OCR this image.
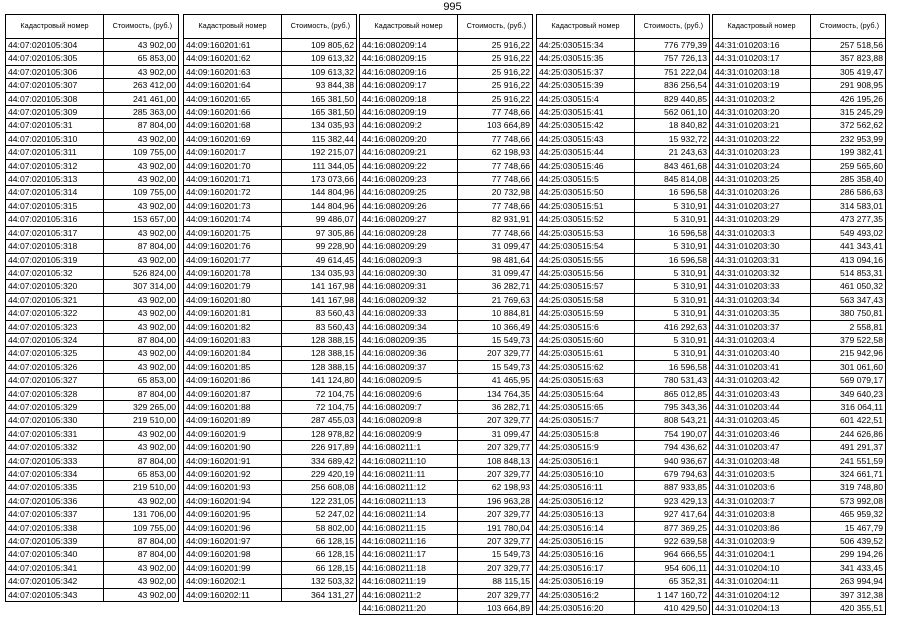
995
Кадастровый номер	Стоимость, (руб.)
44:07:020105:304	43 902,00
44:07:020105:305	65 853,00
44:07:020105:306	43 902,00
44:07:020105:307	263 412,00
44:07:020105:308	241 461,00
44:07:020105:309	285 363,00
44:07:020105:31	87 804,00
44:07:020105:310	43 902,00
44:07:020105:311	109 755,00
44:07:020105:312	43 902,00
44:07:020105:313	43 902,00
44:07:020105:314	109 755,00
44:07:020105:315	43 902,00
44:07:020105:316	153 657,00
44:07:020105:317	43 902,00
44:07:020105:318	87 804,00
44:07:020105:319	43 902,00
44:07:020105:32	526 824,00
44:07:020105:320	307 314,00
44:07:020105:321	43 902,00
44:07:020105:322	43 902,00
44:07:020105:323	43 902,00
44:07:020105:324	87 804,00
44:07:020105:325	43 902,00
44:07:020105:326	43 902,00
44:07:020105:327	65 853,00
44:07:020105:328	87 804,00
44:07:020105:329	329 265,00
44:07:020105:330	219 510,00
44:07:020105:331	43 902,00
44:07:020105:332	43 902,00
44:07:020105:333	87 804,00
44:07:020105:334	65 853,00
44:07:020105:335	219 510,00
44:07:020105:336	43 902,00
44:07:020105:337	131 706,00
44:07:020105:338	109 755,00
44:07:020105:339	87 804,00
44:07:020105:340	87 804,00
44:07:020105:341	43 902,00
44:07:020105:342	43 902,00
44:07:020105:343	43 902,00
Кадастровый номер	Стоимость, (руб.)
44:09:160201:61	109 805,62
44:09:160201:62	109 613,32
44:09:160201:63	109 613,32
44:09:160201:64	93 844,38
44:09:160201:65	165 381,50
44:09:160201:66	165 381,50
44:09:160201:68	134 035,93
44:09:160201:69	115 382,44
44:09:160201:7	192 215,07
44:09:160201:70	111 344,05
44:09:160201:71	173 073,66
44:09:160201:72	144 804,96
44:09:160201:73	144 804,96
44:09:160201:74	99 486,07
44:09:160201:75	97 305,86
44:09:160201:76	99 228,90
44:09:160201:77	49 614,45
44:09:160201:78	134 035,93
44:09:160201:79	141 167,98
44:09:160201:80	141 167,98
44:09:160201:81	83 560,43
44:09:160201:82	83 560,43
44:09:160201:83	128 388,15
44:09:160201:84	128 388,15
44:09:160201:85	128 388,15
44:09:160201:86	141 124,80
44:09:160201:87	72 104,75
44:09:160201:88	72 104,75
44:09:160201:89	287 455,03
44:09:160201:9	128 978,82
44:09:160201:90	226 917,89
44:09:160201:91	334 689,42
44:09:160201:92	229 420,19
44:09:160201:93	256 608,08
44:09:160201:94	122 231,05
44:09:160201:95	52 247,02
44:09:160201:96	58 802,00
44:09:160201:97	66 128,15
44:09:160201:98	66 128,15
44:09:160201:99	66 128,15
44:09:160202:1	132 503,32
44:09:160202:11	364 131,27
Кадастровый номер	Стоимость, (руб.)
44:16:080209:14	25 916,22
44:16:080209:15	25 916,22
44:16:080209:16	25 916,22
44:16:080209:17	25 916,22
44:16:080209:18	25 916,22
44:16:080209:19	77 748,66
44:16:080209:2	103 664,89
44:16:080209:20	77 748,66
44:16:080209:21	62 198,93
44:16:080209:22	77 748,66
44:16:080209:23	77 748,66
44:16:080209:25	20 732,98
44:16:080209:26	77 748,66
44:16:080209:27	82 931,91
44:16:080209:28	77 748,66
44:16:080209:29	31 099,47
44:16:080209:3	98 481,64
44:16:080209:30	31 099,47
44:16:080209:31	36 282,71
44:16:080209:32	21 769,63
44:16:080209:33	10 884,81
44:16:080209:34	10 366,49
44:16:080209:35	15 549,73
44:16:080209:36	207 329,77
44:16:080209:37	15 549,73
44:16:080209:5	41 465,95
44:16:080209:6	134 764,35
44:16:080209:7	36 282,71
44:16:080209:8	207 329,77
44:16:080209:9	31 099,47
44:16:080211:1	207 329,77
44:16:080211:10	108 848,13
44:16:080211:11	207 329,77
44:16:080211:12	62 198,93
44:16:080211:13	196 963,28
44:16:080211:14	207 329,77
44:16:080211:15	191 780,04
44:16:080211:16	207 329,77
44:16:080211:17	15 549,73
44:16:080211:18	207 329,77
44:16:080211:19	88 115,15
44:16:080211:2	207 329,77
44:16:080211:20	103 664,89
Кадастровый номер	Стоимость, (руб.)
44:25:030515:34	776 779,39
44:25:030515:35	757 726,13
44:25:030515:37	751 222,04
44:25:030515:39	836 256,54
44:25:030515:4	829 440,85
44:25:030515:41	562 061,10
44:25:030515:42	18 840,82
44:25:030515:43	15 932,72
44:25:030515:44	21 243,63
44:25:030515:46	843 461,68
44:25:030515:5	845 814,08
44:25:030515:50	16 596,58
44:25:030515:51	5 310,91
44:25:030515:52	5 310,91
44:25:030515:53	16 596,58
44:25:030515:54	5 310,91
44:25:030515:55	16 596,58
44:25:030515:56	5 310,91
44:25:030515:57	5 310,91
44:25:030515:58	5 310,91
44:25:030515:59	5 310,91
44:25:030515:6	416 292,63
44:25:030515:60	5 310,91
44:25:030515:61	5 310,91
44:25:030515:62	16 596,58
44:25:030515:63	780 531,43
44:25:030515:64	865 012,85
44:25:030515:65	795 343,36
44:25:030515:7	808 543,21
44:25:030515:8	754 190,07
44:25:030515:9	794 436,62
44:25:030516:1	940 936,67
44:25:030516:10	679 794,63
44:25:030516:11	887 933,85
44:25:030516:12	923 429,13
44:25:030516:13	927 417,64
44:25:030516:14	877 369,25
44:25:030516:15	922 639,58
44:25:030516:16	964 666,55
44:25:030516:17	954 606,11
44:25:030516:19	65 352,31
44:25:030516:2	1 147 160,72
44:25:030516:20	410 429,50
Кадастровый номер	Стоимость, (руб.)
44:31:010203:16	257 518,56
44:31:010203:17	357 823,88
44:31:010203:18	305 419,47
44:31:010203:19	291 908,95
44:31:010203:2	426 195,26
44:31:010203:20	315 245,29
44:31:010203:21	372 562,62
44:31:010203:22	232 953,99
44:31:010203:23	199 382,41
44:31:010203:24	259 565,60
44:31:010203:25	285 358,40
44:31:010203:26	286 586,63
44:31:010203:27	314 583,01
44:31:010203:29	473 277,35
44:31:010203:3	549 493,02
44:31:010203:30	441 343,41
44:31:010203:31	413 094,16
44:31:010203:32	514 853,31
44:31:010203:33	461 050,32
44:31:010203:34	563 347,43
44:31:010203:35	380 750,81
44:31:010203:37	2 558,81
44:31:010203:4	379 522,58
44:31:010203:40	215 942,96
44:31:010203:41	301 061,60
44:31:010203:42	569 079,17
44:31:010203:43	349 640,23
44:31:010203:44	316 064,11
44:31:010203:45	601 422,51
44:31:010203:46	244 626,86
44:31:010203:47	491 291,37
44:31:010203:48	241 551,59
44:31:010203:5	324 661,71
44:31:010203:6	319 748,80
44:31:010203:7	573 992,08
44:31:010203:8	465 959,32
44:31:010203:86	15 467,79
44:31:010203:9	506 439,52
44:31:010204:1	299 194,26
44:31:010204:10	341 433,45
44:31:010204:11	263 994,94
44:31:010204:12	397 312,38
44:31:010204:13	420 355,51
